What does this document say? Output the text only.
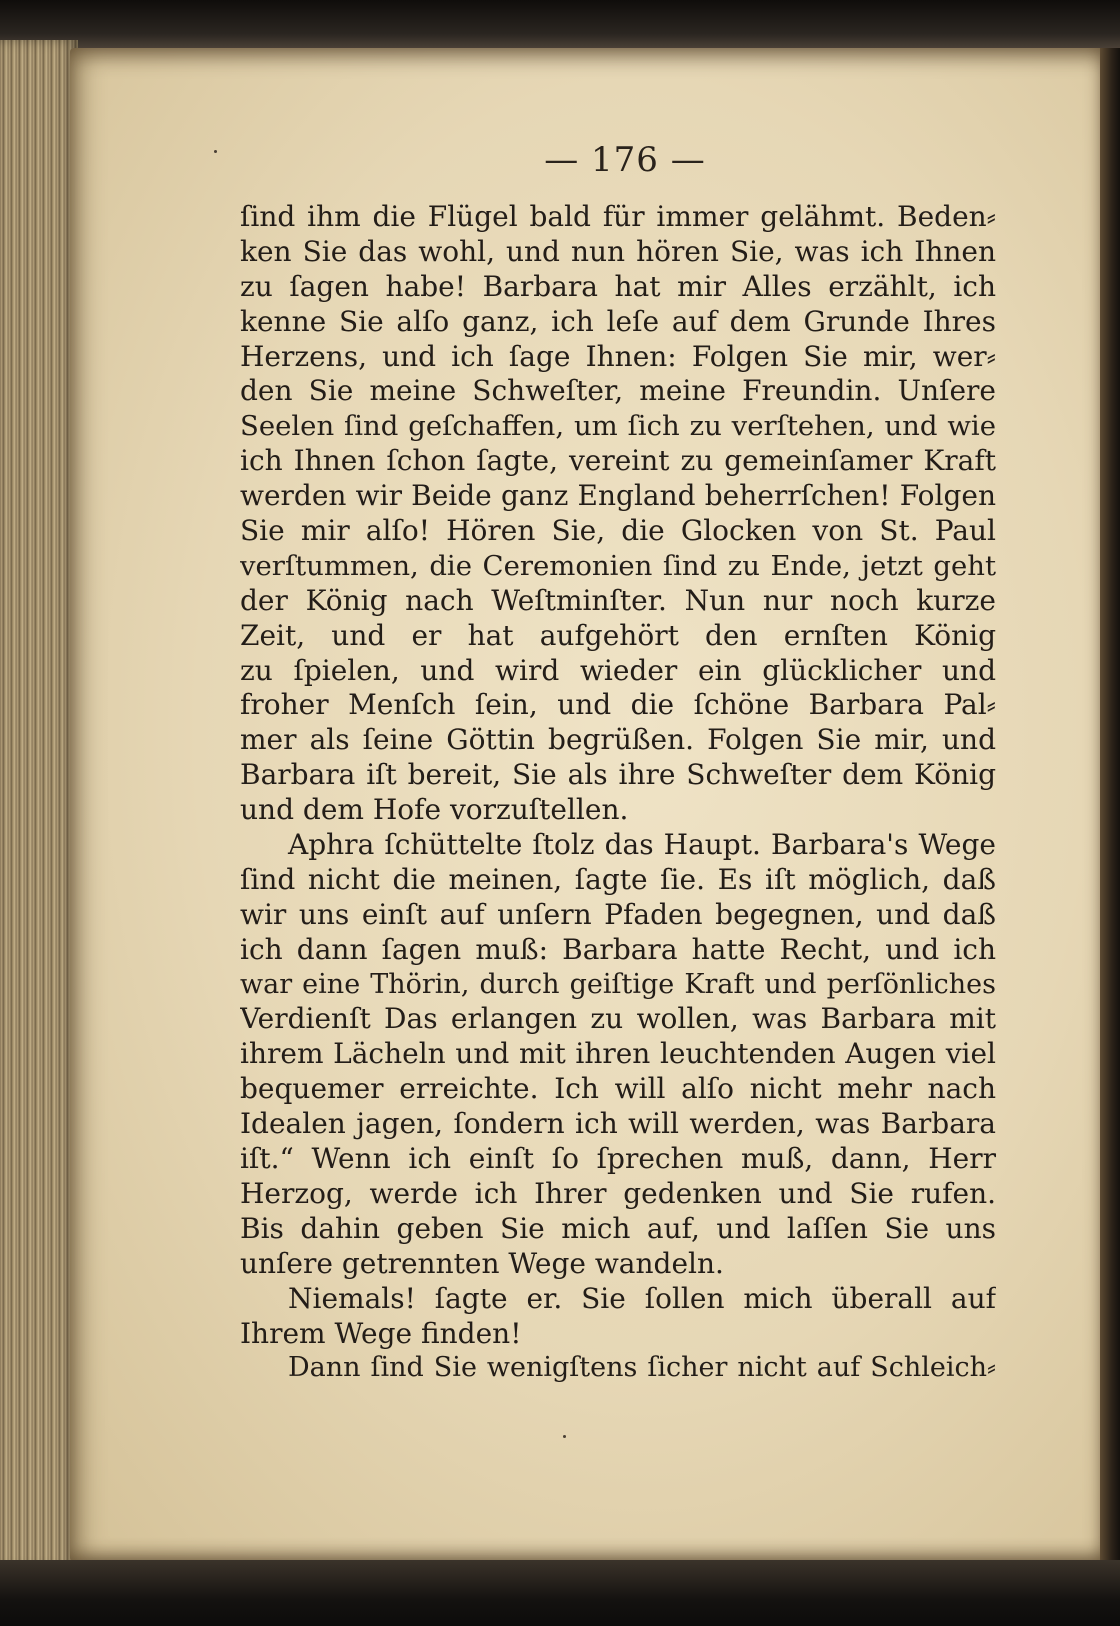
— 176 —
ſind ihm die Flügel bald für immer gelähmt. Beden⸗
ken Sie das wohl, und nun hören Sie, was ich Ihnen
zu ſagen habe! Barbara hat mir Alles erzählt, ich
kenne Sie alſo ganz, ich leſe auf dem Grunde Ihres
Herzens, und ich ſage Ihnen: Folgen Sie mir, wer⸗
den Sie meine Schweſter, meine Freundin. Unſere
Seelen ſind geſchaffen, um ſich zu verſtehen, und wie
ich Ihnen ſchon ſagte, vereint zu gemeinſamer Kraft
werden wir Beide ganz England beherrſchen! Folgen
Sie mir alſo! Hören Sie, die Glocken von St. Paul
verſtummen, die Ceremonien ſind zu Ende, jetzt geht
der König nach Weſtminſter. Nun nur noch kurze
Zeit, und er hat aufgehört den ernſten König
zu ſpielen, und wird wieder ein glücklicher und
froher Menſch ſein, und die ſchöne Barbara Pal⸗
mer als ſeine Göttin begrüßen. Folgen Sie mir, und
Barbara iſt bereit, Sie als ihre Schweſter dem König
und dem Hofe vorzuſtellen.
Aphra ſchüttelte ſtolz das Haupt. Barbara's Wege
ſind nicht die meinen, ſagte ſie. Es iſt möglich, daß
wir uns einſt auf unſern Pfaden begegnen, und daß
ich dann ſagen muß: Barbara hatte Recht, und ich
war eine Thörin, durch geiſtige Kraft und perſönliches
Verdienſt Das erlangen zu wollen, was Barbara mit
ihrem Lächeln und mit ihren leuchtenden Augen viel
bequemer erreichte. Ich will alſo nicht mehr nach
Idealen jagen, ſondern ich will werden, was Barbara
iſt.“ Wenn ich einſt ſo ſprechen muß, dann, Herr
Herzog, werde ich Ihrer gedenken und Sie rufen.
Bis dahin geben Sie mich auf, und laſſen Sie uns
unſere getrennten Wege wandeln.
Niemals! ſagte er. Sie ſollen mich überall auf
Ihrem Wege finden!
Dann ſind Sie wenigſtens ſicher nicht auf Schleich⸗
